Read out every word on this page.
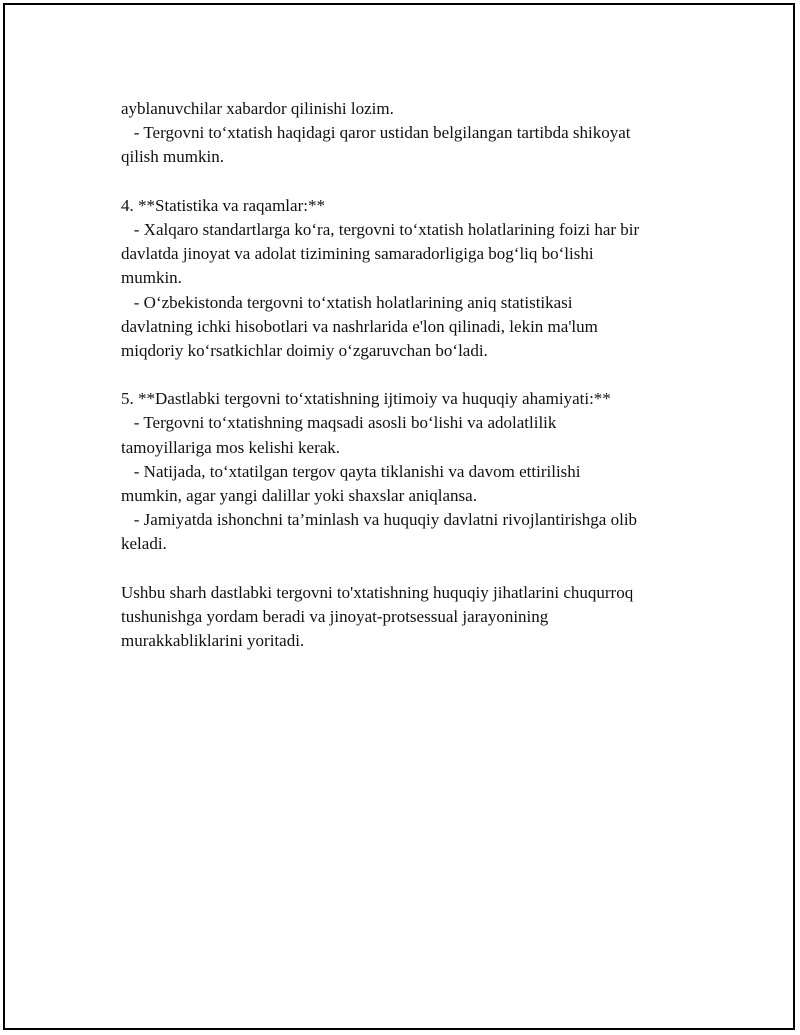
ayblanuvchilar xabardor qilinishi lozim.
- Tergovni to‘xtatish haqidagi qaror ustidan belgilangan tartibda shikoyat
qilish mumkin.
4. **Statistika va raqamlar:**
- Xalqaro standartlarga ko‘ra, tergovni to‘xtatish holatlarining foizi har bir
davlatda jinoyat va adolat tizimining samaradorligiga bog‘liq bo‘lishi
mumkin.
- O‘zbekistonda tergovni to‘xtatish holatlarining aniq statistikasi
davlatning ichki hisobotlari va nashrlarida e'lon qilinadi, lekin ma'lum
miqdoriy ko‘rsatkichlar doimiy o‘zgaruvchan bo‘ladi.
5. **Dastlabki tergovni to‘xtatishning ijtimoiy va huquqiy ahamiyati:**
- Tergovni to‘xtatishning maqsadi asosli bo‘lishi va adolatlilik
tamoyillariga mos kelishi kerak.
- Natijada, to‘xtatilgan tergov qayta tiklanishi va davom ettirilishi
mumkin, agar yangi dalillar yoki shaxslar aniqlansa.
- Jamiyatda ishonchni ta’minlash va huquqiy davlatni rivojlantirishga olib
keladi.
Ushbu sharh dastlabki tergovni to'xtatishning huquqiy jihatlarini chuqurroq
tushunishga yordam beradi va jinoyat-protsessual jarayonining
murakkabliklarini yoritadi.
